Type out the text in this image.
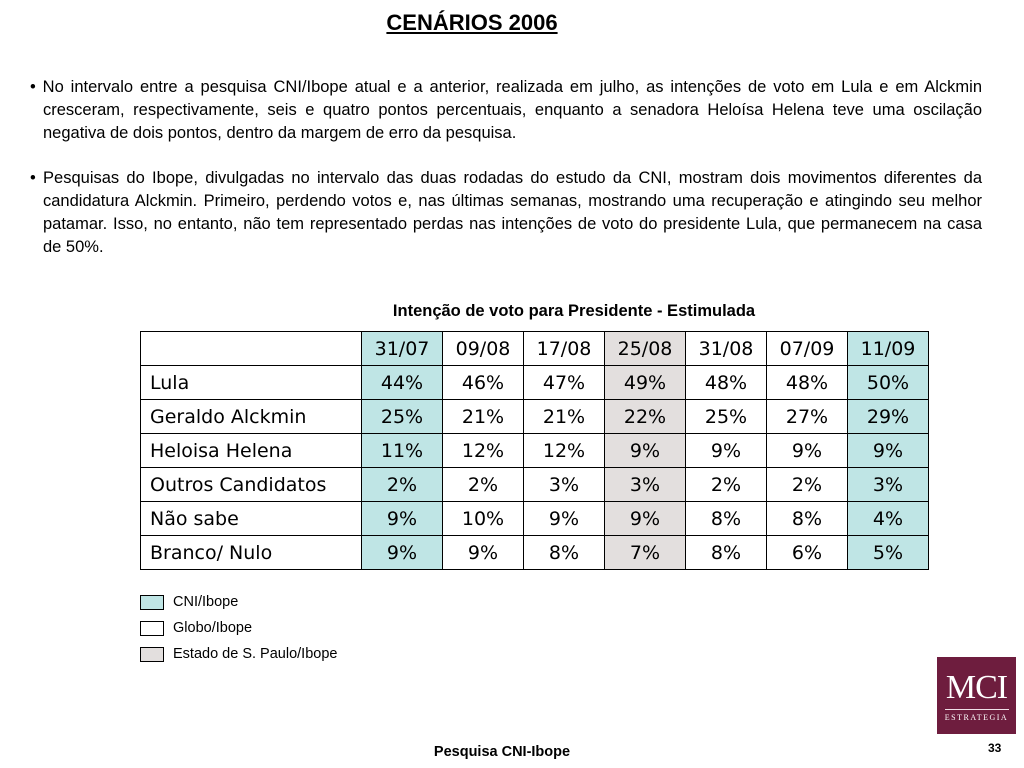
CENÁRIOS 2006
• No intervalo entre a pesquisa CNI/Ibope atual e a anterior, realizada em julho, as intenções de voto em Lula e em Alckmin cresceram, respectivamente, seis e quatro pontos percentuais, enquanto a senadora Heloísa Helena teve uma oscilação negativa de dois pontos, dentro da margem de erro da pesquisa.
• Pesquisas do Ibope, divulgadas no intervalo das duas rodadas do estudo da CNI, mostram dois movimentos diferentes da candidatura Alckmin. Primeiro, perdendo votos e, nas últimas semanas, mostrando uma recuperação e atingindo seu melhor patamar. Isso, no entanto, não tem representado perdas nas intenções de voto do presidente Lula, que permanecem na casa de 50%.
Intenção de voto para Presidente - Estimulada
	31/07	09/08	17/08	25/08	31/08	07/09	11/09
Lula	44%	46%	47%	49%	48%	48%	50%
Geraldo Alckmin	25%	21%	21%	22%	25%	27%	29%
Heloisa Helena	11%	12%	12%	9%	9%	9%	9%
Outros Candidatos	2%	2%	3%	3%	2%	2%	3%
Não sabe	9%	10%	9%	9%	8%	8%	4%
Branco/ Nulo	9%	9%	8%	7%	8%	6%	5%
CNI/Ibope
Globo/Ibope
Estado de S. Paulo/Ibope
Pesquisa CNI-Ibope	33
MCI
ESTRATEGIA
